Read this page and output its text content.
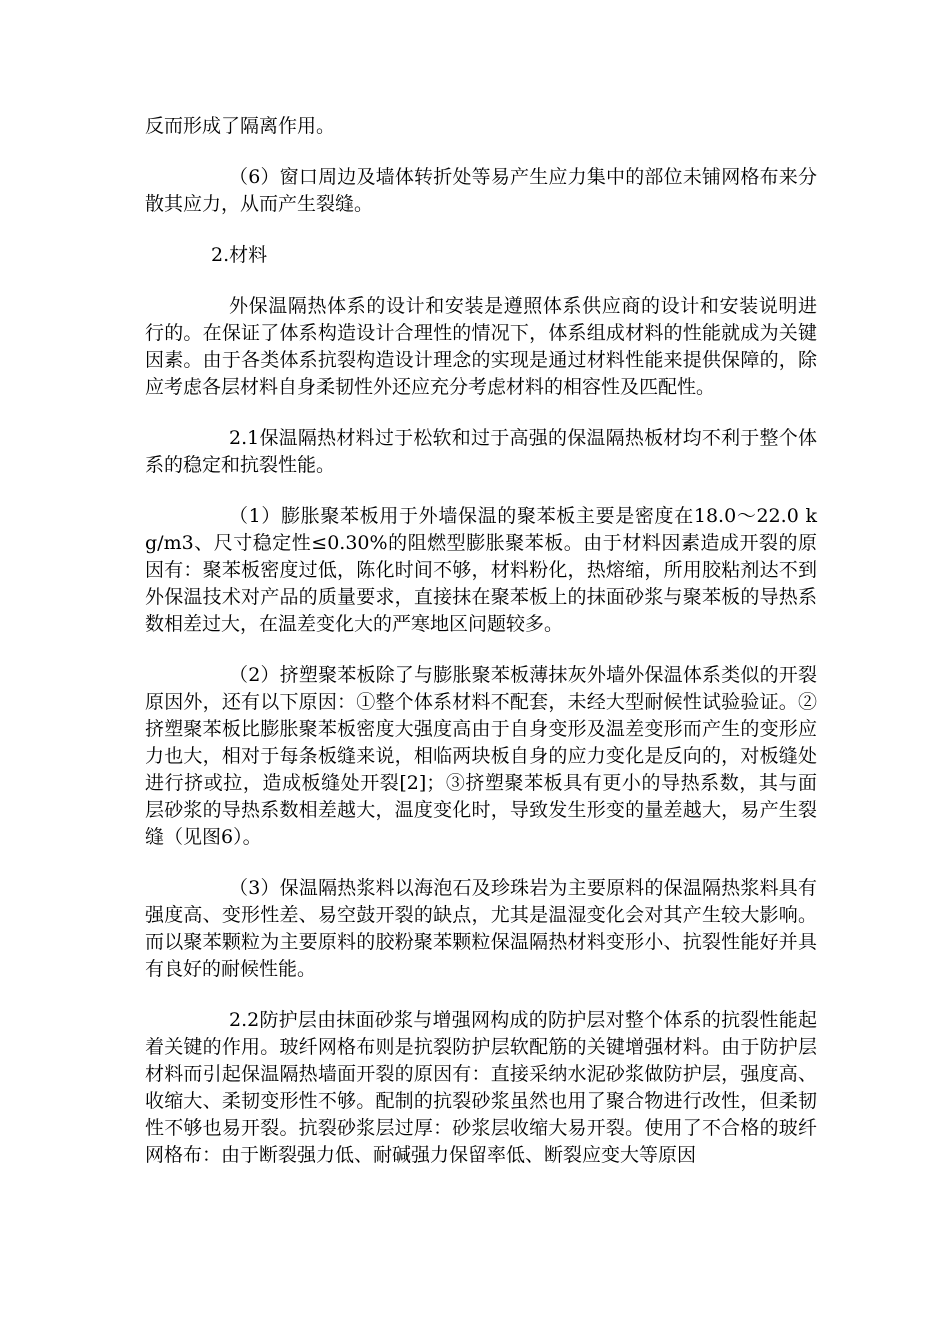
反而形成了隔离作用。

（6）窗口周边及墙体转折处等易产生应力集中的部位未铺网格布来分散其应力，从而产生裂缝。

2.材料

外保温隔热体系的设计和安装是遵照体系供应商的设计和安装说明进行的。在保证了体系构造设计合理性的情况下，体系组成材料的性能就成为关键因素。由于各类体系抗裂构造设计理念的实现是通过材料性能来提供保障的，除应考虑各层材料自身柔韧性外还应充分考虑材料的相容性及匹配性。

2.1保温隔热材料过于松软和过于高强的保温隔热板材均不利于整个体系的稳定和抗裂性能。

（1）膨胀聚苯板用于外墙保温的聚苯板主要是密度在18.0～22.0 kg/m3、尺寸稳定性≤0.30%的阻燃型膨胀聚苯板。由于材料因素造成开裂的原因有：聚苯板密度过低，陈化时间不够，材料粉化，热熔缩，所用胶粘剂达不到外保温技术对产品的质量要求，直接抹在聚苯板上的抹面砂浆与聚苯板的导热系数相差过大，在温差变化大的严寒地区问题较多。

（2）挤塑聚苯板除了与膨胀聚苯板薄抹灰外墙外保温体系类似的开裂原因外，还有以下原因：①整个体系材料不配套，未经大型耐候性试验验证。②挤塑聚苯板比膨胀聚苯板密度大强度高由于自身变形及温差变形而产生的变形应力也大，相对于每条板缝来说，相临两块板自身的应力变化是反向的，对板缝处进行挤或拉，造成板缝处开裂[2]；③挤塑聚苯板具有更小的导热系数，其与面层砂浆的导热系数相差越大，温度变化时，导致发生形变的量差越大，易产生裂缝（见图6）。

（3）保温隔热浆料以海泡石及珍珠岩为主要原料的保温隔热浆料具有强度高、变形性差、易空鼓开裂的缺点，尤其是温湿变化会对其产生较大影响。而以聚苯颗粒为主要原料的胶粉聚苯颗粒保温隔热材料变形小、抗裂性能好并具有良好的耐候性能。

2.2防护层由抹面砂浆与增强网构成的防护层对整个体系的抗裂性能起着关键的作用。玻纤网格布则是抗裂防护层软配筋的关键增强材料。由于防护层材料而引起保温隔热墙面开裂的原因有：直接采纳水泥砂浆做防护层，强度高、收缩大、柔韧变形性不够。配制的抗裂砂浆虽然也用了聚合物进行改性，但柔韧性不够也易开裂。抗裂砂浆层过厚：砂浆层收缩大易开裂。使用了不合格的玻纤网格布：由于断裂强力低、耐碱强力保留率低、断裂应变大等原因
